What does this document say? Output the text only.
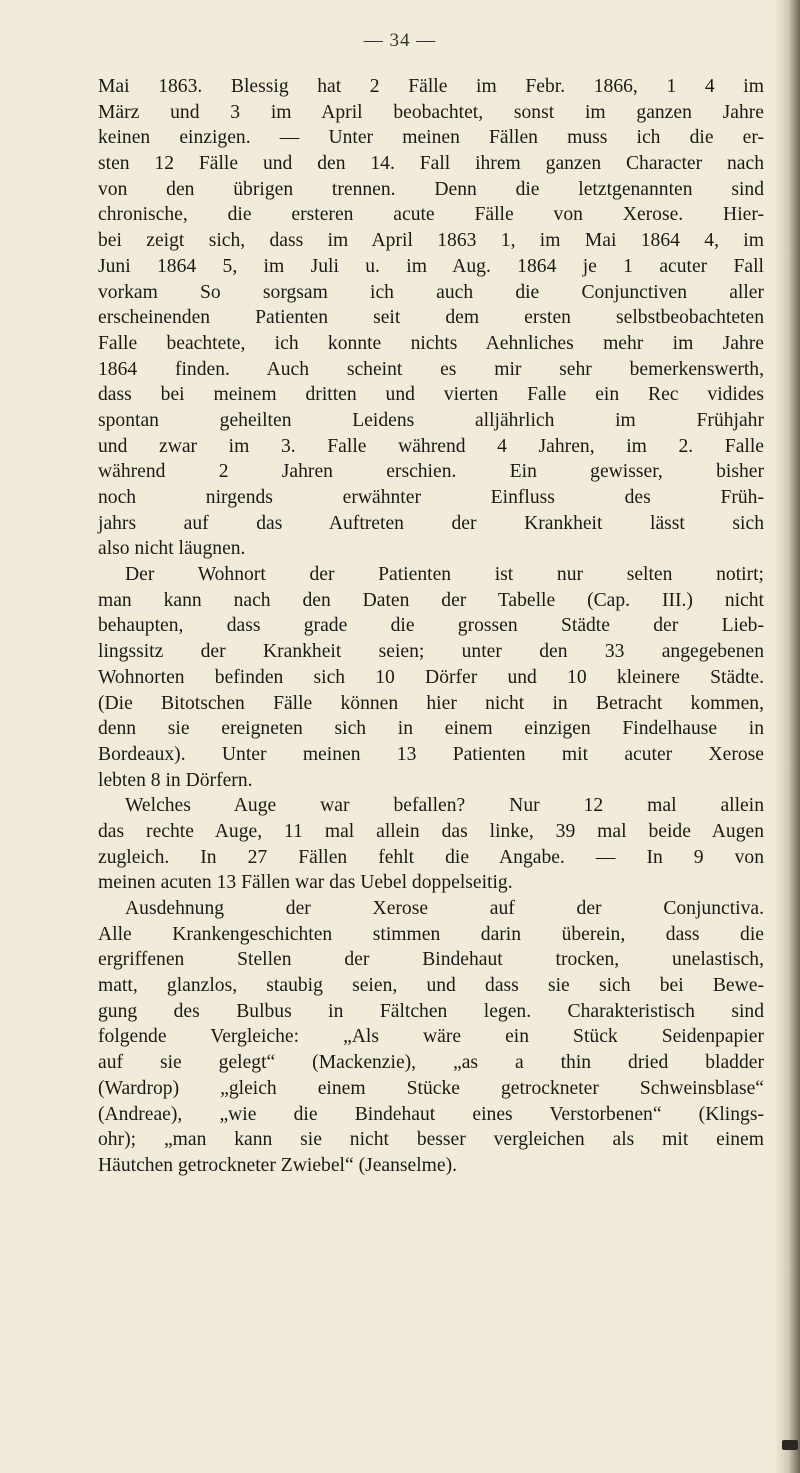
— 34 —
Mai 1863. Blessig hat 2 Fälle im Febr. 1866, 1 4 im
März und 3 im April beobachtet, sonst im ganzen Jahre
keinen einzigen. — Unter meinen Fällen muss ich die er-
sten 12 Fälle und den 14. Fall ihrem ganzen Character nach
von den übrigen trennen. Denn die letztgenannten sind
chronische, die ersteren acute Fälle von Xerose. Hier-
bei zeigt sich, dass im April 1863 1, im Mai 1864 4, im
Juni 1864 5, im Juli u. im Aug. 1864 je 1 acuter Fall
vorkam So sorgsam ich auch die Conjunctiven aller
erscheinenden Patienten seit dem ersten selbstbeobachteten
Falle beachtete, ich konnte nichts Aehnliches mehr im Jahre
1864 finden. Auch scheint es mir sehr bemerkenswerth,
dass bei meinem dritten und vierten Falle ein Rec vidides
spontan geheilten Leidens alljährlich im Frühjahr
und zwar im 3. Falle während 4 Jahren, im 2. Falle
während 2 Jahren erschien. Ein gewisser, bisher
noch nirgends erwähnter Einfluss des Früh-
jahrs auf das Auftreten der Krankheit lässt sich
also nicht läugnen.
Der Wohnort der Patienten ist nur selten notirt;
man kann nach den Daten der Tabelle (Cap. III.) nicht
behaupten, dass grade die grossen Städte der Lieb-
lingssitz der Krankheit seien; unter den 33 angegebenen
Wohnorten befinden sich 10 Dörfer und 10 kleinere Städte.
(Die Bitotschen Fälle können hier nicht in Betracht kommen,
denn sie ereigneten sich in einem einzigen Findelhause in
Bordeaux). Unter meinen 13 Patienten mit acuter Xerose
lebten 8 in Dörfern.
Welches Auge war befallen? Nur 12 mal allein
das rechte Auge, 11 mal allein das linke, 39 mal beide Augen
zugleich. In 27 Fällen fehlt die Angabe. — In 9 von
meinen acuten 13 Fällen war das Uebel doppelseitig.
Ausdehnung der Xerose auf der Conjunctiva.
Alle Krankengeschichten stimmen darin überein, dass die
ergriffenen Stellen der Bindehaut trocken, unelastisch,
matt, glanzlos, staubig seien, und dass sie sich bei Bewe-
gung des Bulbus in Fältchen legen. Charakteristisch sind
folgende Vergleiche: „Als wäre ein Stück Seidenpapier
auf sie gelegt“ (Mackenzie), „as a thin dried bladder
(Wardrop) „gleich einem Stücke getrockneter Schweinsblase“
(Andreae), „wie die Bindehaut eines Verstorbenen“ (Klings-
ohr); „man kann sie nicht besser vergleichen als mit einem
Häutchen getrockneter Zwiebel“ (Jeanselme).
